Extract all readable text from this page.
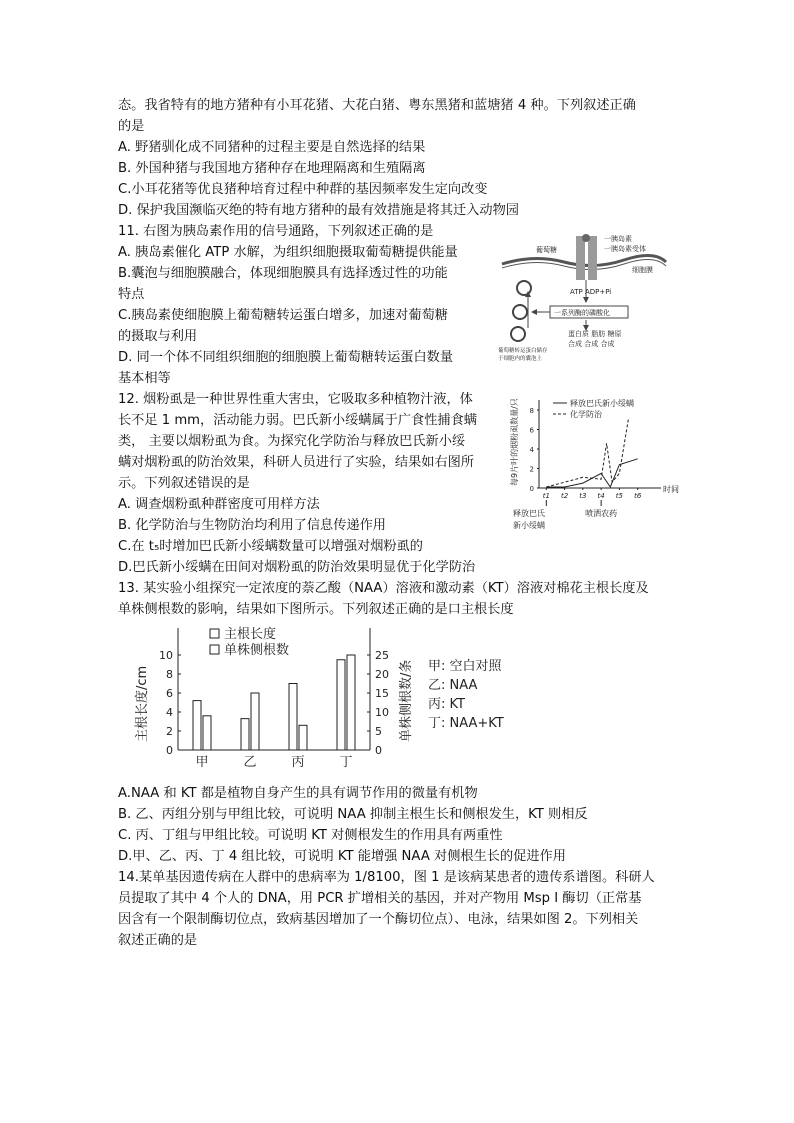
态。我省特有的地方猪种有小耳花猪、大花白猪、粤东黑猪和蓝塘猪 4 种。下列叙述正确
的是
A. 野猪驯化成不同猪种的过程主要是自然选择的结果
B. 外国种猪与我国地方猪种存在地理隔离和生殖隔离
C.小耳花猪等优良猪种培育过程中种群的基因频率发生定向改变
D. 保护我国濒临灭绝的特有地方猪种的最有效措施是将其迁入动物园
11. 右图为胰岛素作用的信号通路，下列叙述正确的是
A. 胰岛素催化 ATP 水解，为组织细胞摄取葡萄糖提供能量
B.囊泡与细胞膜融合，体现细胞膜具有选择透过性的功能
特点
C.胰岛素使细胞膜上葡萄糖转运蛋白增多，加速对葡萄糖
的摄取与利用
D. 同一个体不同组织细胞的细胞膜上葡萄糖转运蛋白数量
基本相等
葡萄糖
一胰岛素
一胰岛素受体
细胞膜
ATP ADP+Pi
一系列酶的磷酸化
蛋白质 脂肪 糖原
合成 合成 合成
葡萄糖转运蛋白储存
于细胞内的囊泡上
12. 烟粉虱是一种世界性重大害虫，它吸取多种植物汁液，体
长不足 1 mm，活动能力弱。巴氏新小绥螨属于广食性捕食螨
类， 主要以烟粉虱为食。为探究化学防治与释放巴氏新小绥
螨对烟粉虱的防治效果，科研人员进行了实验，结果如右图所
示。下列叙述错误的是
A. 调查烟粉虱种群密度可用样方法
B. 化学防治与生物防治均利用了信息传递作用
C.在 t₅时增加巴氏新小绥螨数量可以增强对烟粉虱的
D.巴氏新小绥螨在田间对烟粉虱的防治效果明显优于化学防治
0
2
4
6
8
t1 t2 t3 t4 t5 t6
时间
每9片叶的烟粉虱数量/只	释放巴氏新小绥螨
化学防治
释放巴氏
新小绥螨
喷洒农药
13. 某实验小组探究一定浓度的萘乙酸（NAA）溶液和激动素（KT）溶液对棉花主根长度及
单株侧根数的影响，结果如下图所示。下列叙述正确的是口主根长度
0
2
4
6
8
10
0
5
10
15
20
25
主根长度/cm	单株侧根数/条
甲	乙	丙	丁
主根长度
单株侧根数
甲: 空白对照
乙: NAA
丙: KT
丁: NAA+KT
A.NAA 和 KT 都是植物自身产生的具有调节作用的微量有机物
B. 乙、丙组分别与甲组比较，可说明 NAA 抑制主根生长和侧根发生，KT 则相反
C. 丙、丁组与甲组比较。可说明 KT 对侧根发生的作用具有两重性
D.甲、乙、丙、丁 4 组比较，可说明 KT 能增强 NAA 对侧根生长的促进作用
14.某单基因遗传病在人群中的患病率为 1/8100，图 1 是该病某患者的遗传系谱图。科研人
员提取了其中 4 个人的 DNA，用 PCR 扩增相关的基因，并对产物用 Msp Ⅰ 酶切（正常基
因含有一个限制酶切位点，致病基因增加了一个酶切位点）、电泳，结果如图 2。下列相关
叙述正确的是
